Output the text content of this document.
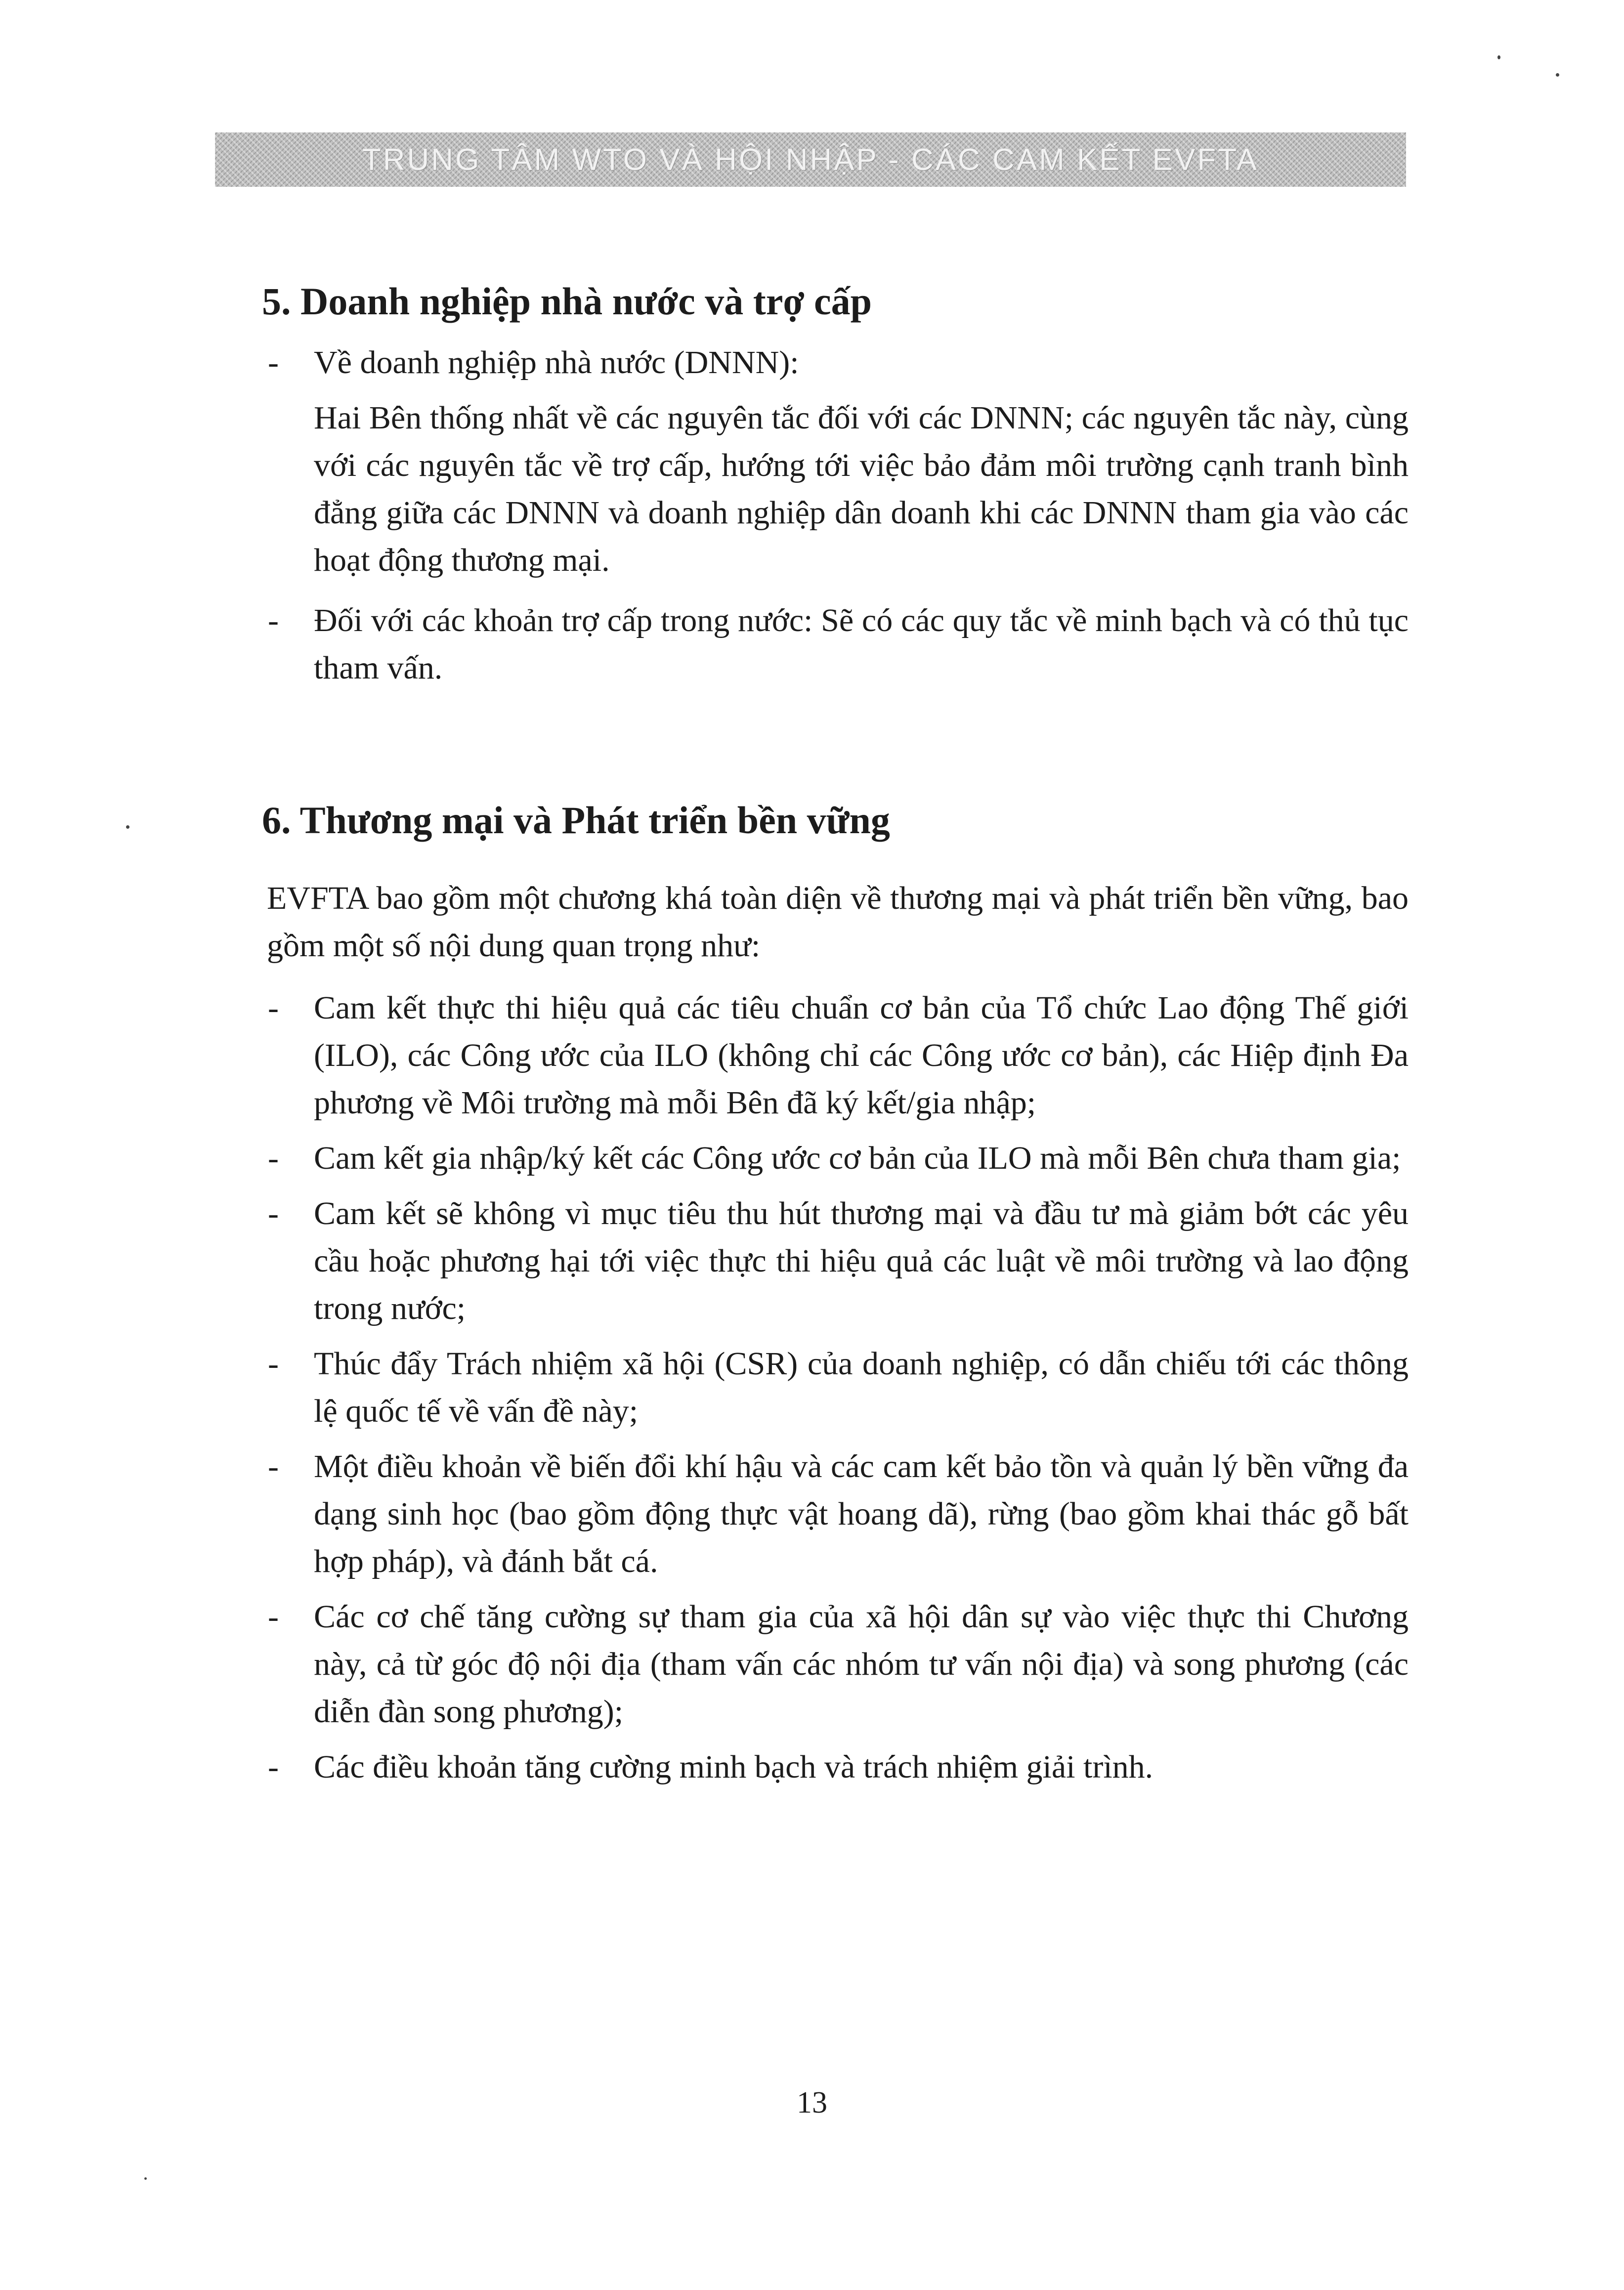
TRUNG TÂM WTO VÀ HỘI NHẬP - CÁC CAM KẾT EVFTA
5. Doanh nghiệp nhà nước và trợ cấp

- Về doanh nghiệp nhà nước (DNNN):

Hai Bên thống nhất về các nguyên tắc đối với các DNNN; các nguyên tắc này, cùng với các nguyên tắc về trợ cấp, hướng tới việc bảo đảm môi trường cạnh tranh bình đẳng giữa các DNNN và doanh nghiệp dân doanh khi các DNNN tham gia vào các hoạt động thương mại.

- Đối với các khoản trợ cấp trong nước: Sẽ có các quy tắc về minh bạch và có thủ tục tham vấn.

6. Thương mại và Phát triển bền vững

EVFTA bao gồm một chương khá toàn diện về thương mại và phát triển bền vững, bao gồm một số nội dung quan trọng như:

- Cam kết thực thi hiệu quả các tiêu chuẩn cơ bản của Tổ chức Lao động Thế giới (ILO), các Công ước của ILO (không chỉ các Công ước cơ bản), các Hiệp định Đa phương về Môi trường mà mỗi Bên đã ký kết/gia nhập;

- Cam kết gia nhập/ký kết các Công ước cơ bản của ILO mà mỗi Bên chưa tham gia;

- Cam kết sẽ không vì mục tiêu thu hút thương mại và đầu tư mà giảm bớt các yêu cầu hoặc phương hại tới việc thực thi hiệu quả các luật về môi trường và lao động trong nước;

- Thúc đẩy Trách nhiệm xã hội (CSR) của doanh nghiệp, có dẫn chiếu tới các thông lệ quốc tế về vấn đề này;

- Một điều khoản về biến đổi khí hậu và các cam kết bảo tồn và quản lý bền vững đa dạng sinh học (bao gồm động thực vật hoang dã), rừng (bao gồm khai thác gỗ bất hợp pháp), và đánh bắt cá.

- Các cơ chế tăng cường sự tham gia của xã hội dân sự vào việc thực thi Chương này, cả từ góc độ nội địa (tham vấn các nhóm tư vấn nội địa) và song phương (các diễn đàn song phương);

- Các điều khoản tăng cường minh bạch và trách nhiệm giải trình.

13
